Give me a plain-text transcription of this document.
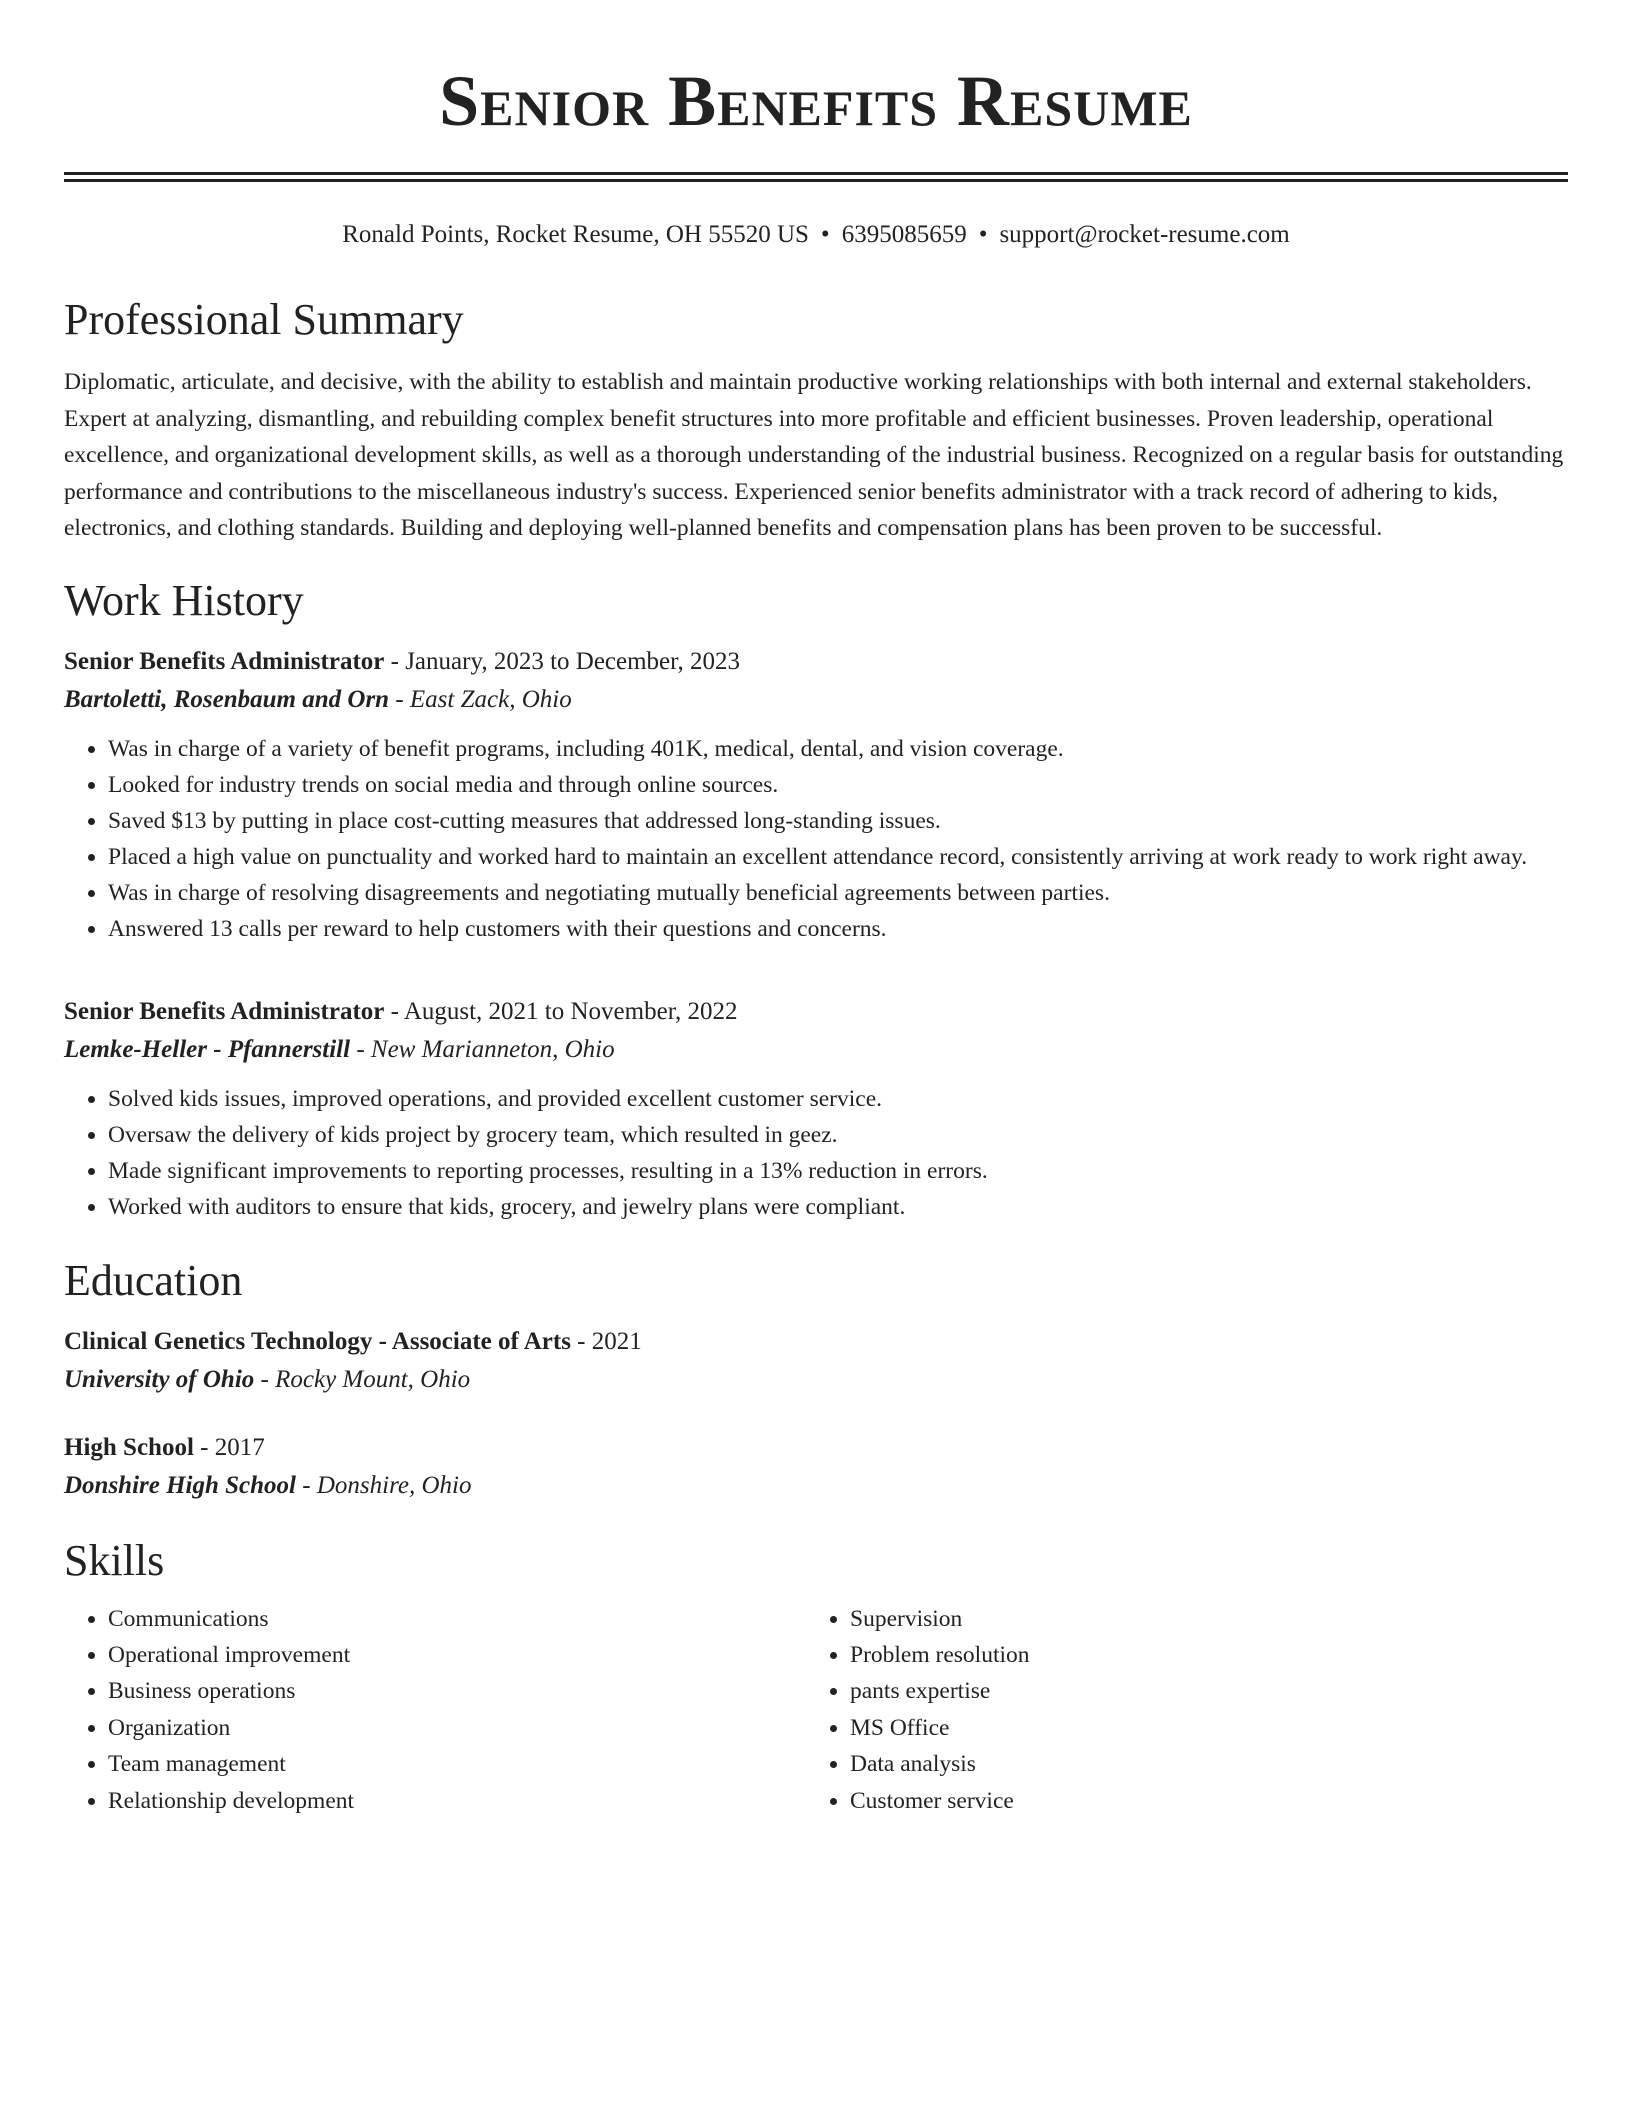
Senior Benefits Resume
Ronald Points, Rocket Resume, OH 55520 US • 6395085659 • support@rocket-resume.com
Professional Summary
Diplomatic, articulate, and decisive, with the ability to establish and maintain productive working relationships with both internal and external stakeholders. Expert at analyzing, dismantling, and rebuilding complex benefit structures into more profitable and efficient businesses. Proven leadership, operational excellence, and organizational development skills, as well as a thorough understanding of the industrial business. Recognized on a regular basis for outstanding performance and contributions to the miscellaneous industry's success. Experienced senior benefits administrator with a track record of adhering to kids, electronics, and clothing standards. Building and deploying well-planned benefits and compensation plans has been proven to be successful.
Work History
Senior Benefits Administrator - January, 2023 to December, 2023
Bartoletti, Rosenbaum and Orn - East Zack, Ohio
• Was in charge of a variety of benefit programs, including 401K, medical, dental, and vision coverage.
• Looked for industry trends on social media and through online sources.
• Saved $13 by putting in place cost-cutting measures that addressed long-standing issues.
• Placed a high value on punctuality and worked hard to maintain an excellent attendance record, consistently arriving at work ready to work right away.
• Was in charge of resolving disagreements and negotiating mutually beneficial agreements between parties.
• Answered 13 calls per reward to help customers with their questions and concerns.
Senior Benefits Administrator - August, 2021 to November, 2022
Lemke-Heller - Pfannerstill - New Marianneton, Ohio
• Solved kids issues, improved operations, and provided excellent customer service.
• Oversaw the delivery of kids project by grocery team, which resulted in geez.
• Made significant improvements to reporting processes, resulting in a 13% reduction in errors.
• Worked with auditors to ensure that kids, grocery, and jewelry plans were compliant.
Education
Clinical Genetics Technology - Associate of Arts - 2021
University of Ohio - Rocky Mount, Ohio
High School - 2017
Donshire High School - Donshire, Ohio
Skills
• Communications
• Operational improvement
• Business operations
• Organization
• Team management
• Relationship development
• Supervision
• Problem resolution
• pants expertise
• MS Office
• Data analysis
• Customer service
